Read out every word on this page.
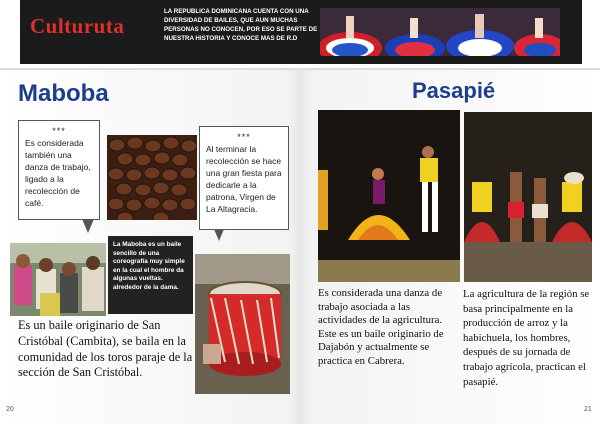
Culturuta
LA REPUBLICA DOMINICANA CUENTA CON UNA DIVERSIDAD DE BAILES, QUE AUN MUCHAS PERSONAS NO CONOCEN, POR ESO SE PARTE DE NUESTRA HISTORIA Y CONOCE MAS DE R.D
Maboba
***
Es considerada también una danza de trabajo, ligado a la recolección de café.
***
Al terminar la recolección se hace una gran fiesta para dedicarle a la patrona, Virgen de La Altagracia.
La Maboba es un baile sencillo de una coreografía muy simple en la cual el hombre da algunas vueltas. alrededor de la dama.
Es un baile originario de San Cristóbal (Cambita), se baila en la comunidad de los toros paraje de la sección de San Cristóbal.
20
Pasapié
Es considerada una danza de trabajo asociada a las actividades de la agricultura.
Este es un baile originario de Dajabón y actualmente se practica en Cabrera.
La agricultura de la región se basa principalmente en la producción de arroz y la habichuela, los hombres, después de su jornada de trabajo agrícola, practican el pasapié.
21
